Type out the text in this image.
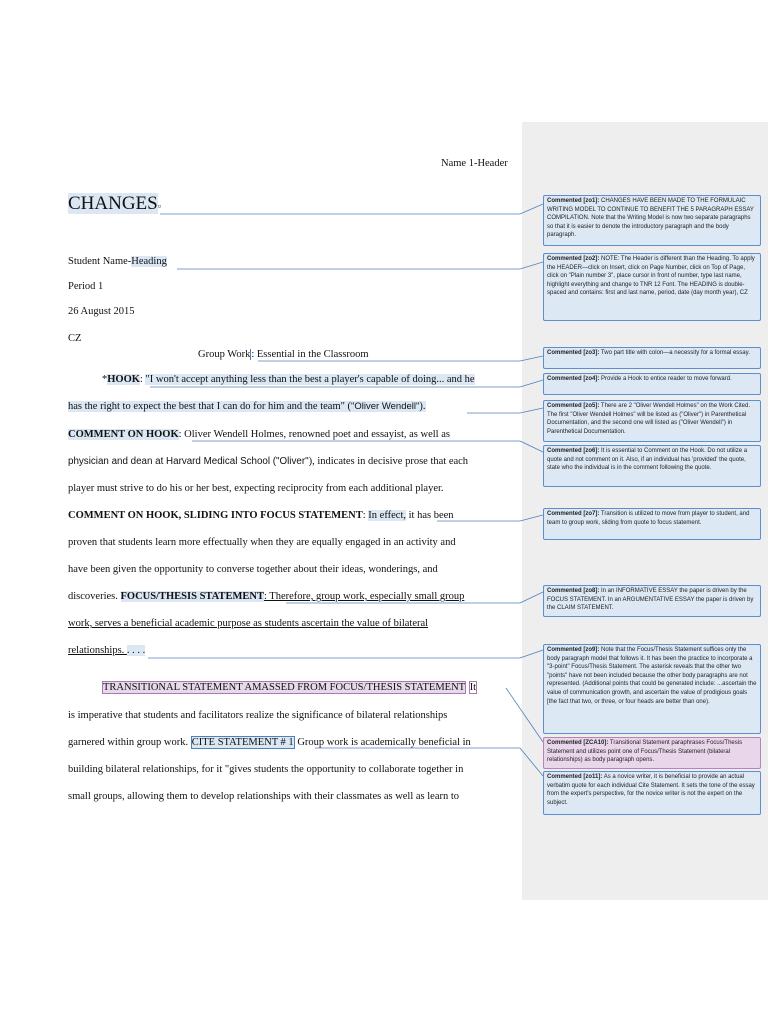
Name 1-Header
CHANGES▫
Student Name-Heading
Period 1
26 August 2015
CZ
Group Work: Essential in the Classroom
*HOOK: "I won't accept anything less than the best a player's capable of doing... and he
has the right to expect the best that I can do for him and the team" ("Oliver Wendell").
COMMENT ON HOOK: Oliver Wendell Holmes, renowned poet and essayist, as well as
physician and dean at Harvard Medical School ("Oliver"), indicates in decisive prose that each
player must strive to do his or her best, expecting reciprocity from each additional player.
COMMENT ON HOOK, SLIDING INTO FOCUS STATEMENT: In effect, it has been
proven that students learn more effectually when they are equally engaged in an activity and
have been given the opportunity to converse together about their ideas, wonderings, and
discoveries. FOCUS/THESIS STATEMENT: Therefore, group work, especially small group
work, serves a beneficial academic purpose as students ascertain the value of bilateral
relationships. . . . .
TRANSITIONAL STATEMENT AMASSED FROM FOCUS/THESIS STATEMENT It
is imperative that students and facilitators realize the significance of bilateral relationships
garnered within group work. CITE STATEMENT # 1 Group work is academically beneficial in
building bilateral relationships, for it "gives students the opportunity to collaborate together in
small groups, allowing them to develop relationships with their classmates as well as learn to
Commented [zo1]: CHANGES HAVE BEEN MADE TO THE FORMULAIC WRITING MODEL TO CONTINUE TO BENEFIT THE 5 PARAGRAPH ESSAY COMPILATION. Note that the Writing Model is now two separate paragraphs so that it is easier to denote the introductory paragraph and the body paragraph.
Commented [zo2]: NOTE: The Header is different than the Heading. To apply the HEADER—click on Insert, click on Page Number, click on Top of Page, click on "Plain number 3", place cursor in front of number, type last name, highlight everything and change to TNR 12 Font. The HEADING is double-spaced and contains: first and last name, period, date (day month year), CZ
Commented [zo3]: Two part title with colon—a necessity for a formal essay.
Commented [zo4]: Provide a Hook to entice reader to move forward.
Commented [zo5]: There are 2 "Oliver Wendell Holmes" on the Work Cited. The first "Oliver Wendell Holmes" will be listed as ("Oliver") in Parenthetical Documentation, and the second one will listed as ("Oliver Wendell") in Parenthetical Documentation.
Commented [zo6]: It is essential to Comment on the Hook. Do not utilize a quote and not comment on it. Also, if an individual has 'provided' the quote, state who the individual is in the comment following the quote.
Commented [zo7]: Transition is utilized to move from player to student, and team to group work, sliding from quote to focus statement.
Commented [zo8]: In an INFORMATIVE ESSAY the paper is driven by the FOCUS STATEMENT. In an ARGUMENTATIVE ESSAY the paper is driven by the CLAIM STATEMENT.
Commented [zo9]: Note that the Focus/Thesis Statement suffices only the body paragraph model that follows it. It has been the practice to incorporate a "3-point" Focus/Thesis Statement. The asterisk reveals that the other two "points" have not been included because the other body paragraphs are not represented. (Additional points that could be generated include: ...ascertain the value of communication growth, and ascertain the value of prodigious goals [the fact that two, or three, or four heads are better than one).
Commented [ZCA10]: Transitional Statement paraphrases Focus/Thesis Statement and utilizes point one of Focus/Thesis Statement (bilateral relationships) as body paragraph opens.
Commented [zo11]: As a novice writer, it is beneficial to provide an actual verbatim quote for each individual Cite Statement. It sets the tone of the essay from the expert's perspective, for the novice writer is not the expert on the subject.
